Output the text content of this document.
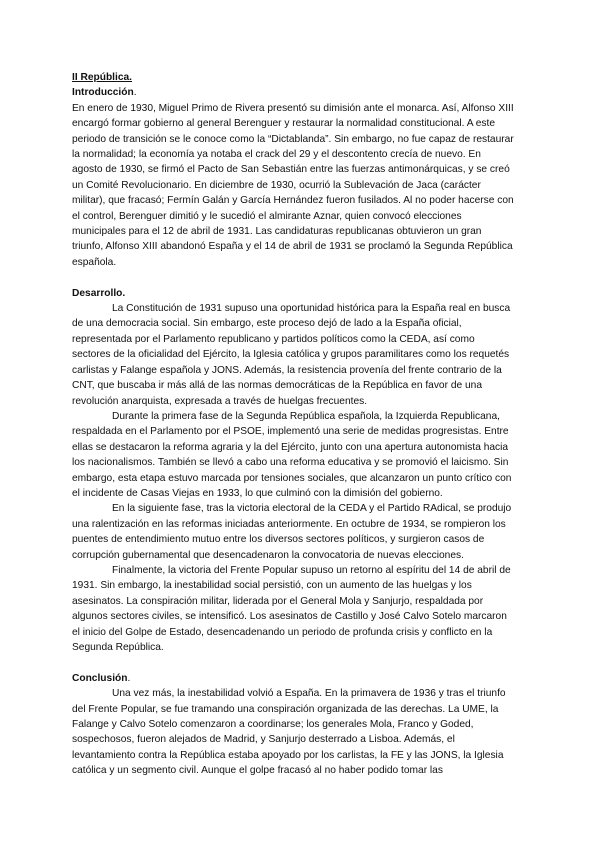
II República.

Introducción.

En enero de 1930, Miguel Primo de Rivera presentó su dimisión ante el monarca. Así, Alfonso XIII encargó formar gobierno al general Berenguer y restaurar la normalidad constitucional. A este periodo de transición se le conoce como la “Dictablanda”. Sin embargo, no fue capaz de restaurar la normalidad; la economía ya notaba el crack del 29 y el descontento crecía de nuevo. En agosto de 1930, se firmó el Pacto de San Sebastián entre las fuerzas antimonárquicas, y se creó un Comité Revolucionario. En diciembre de 1930, ocurrió la Sublevación de Jaca (carácter militar), que fracasó; Fermín Galán y García Hernández fueron fusilados. Al no poder hacerse con el control, Berenguer dimitió y le sucedió el almirante Aznar, quien convocó elecciones municipales para el 12 de abril de 1931. Las candidaturas republicanas obtuvieron un gran triunfo, Alfonso XIII abandonó España y el 14 de abril de 1931 se proclamó la Segunda República española.

Desarrollo.

La Constitución de 1931 supuso una oportunidad histórica para la España real en busca de una democracia social. Sin embargo, este proceso dejó de lado a la España oficial, representada por el Parlamento republicano y partidos políticos como la CEDA, así como sectores de la oficialidad del Ejército, la Iglesia católica y grupos paramilitares como los requetés carlistas y Falange española y JONS. Además, la resistencia provenía del frente contrario de la CNT, que buscaba ir más allá de las normas democráticas de la República en favor de una revolución anarquista, expresada a través de huelgas frecuentes.

Durante la primera fase de la Segunda República española, la Izquierda Republicana, respaldada en el Parlamento por el PSOE, implementó una serie de medidas progresistas. Entre ellas se destacaron la reforma agraria y la del Ejército, junto con una apertura autonomista hacia los nacionalismos. También se llevó a cabo una reforma educativa y se promovió el laicismo. Sin embargo, esta etapa estuvo marcada por tensiones sociales, que alcanzaron un punto crítico con el incidente de Casas Viejas en 1933, lo que culminó con la dimisión del gobierno.

En la siguiente fase, tras la victoria electoral de la CEDA y el Partido RAdical, se produjo una ralentización en las reformas iniciadas anteriormente. En octubre de 1934, se rompieron los puentes de entendimiento mutuo entre los diversos sectores políticos, y surgieron casos de corrupción gubernamental que desencadenaron la convocatoria de nuevas elecciones.

Finalmente, la victoria del Frente Popular supuso un retorno al espíritu del 14 de abril de 1931. Sin embargo, la inestabilidad social persistió, con un aumento de las huelgas y los asesinatos. La conspiración militar, liderada por el General Mola y Sanjurjo, respaldada por algunos sectores civiles, se intensificó. Los asesinatos de Castillo y José Calvo Sotelo marcaron el inicio del Golpe de Estado, desencadenando un periodo de profunda crisis y conflicto en la Segunda República.

Conclusión.

Una vez más, la inestabilidad volvió a España. En la primavera de 1936 y tras el triunfo del Frente Popular, se fue tramando una conspiración organizada de las derechas. La UME, la Falange y Calvo Sotelo comenzaron a coordinarse; los generales Mola, Franco y Goded, sospechosos, fueron alejados de Madrid, y Sanjurjo desterrado a Lisboa. Además, el levantamiento contra la República estaba apoyado por los carlistas, la FE y las JONS, la Iglesia católica y un segmento civil. Aunque el golpe fracasó al no haber podido tomar las
